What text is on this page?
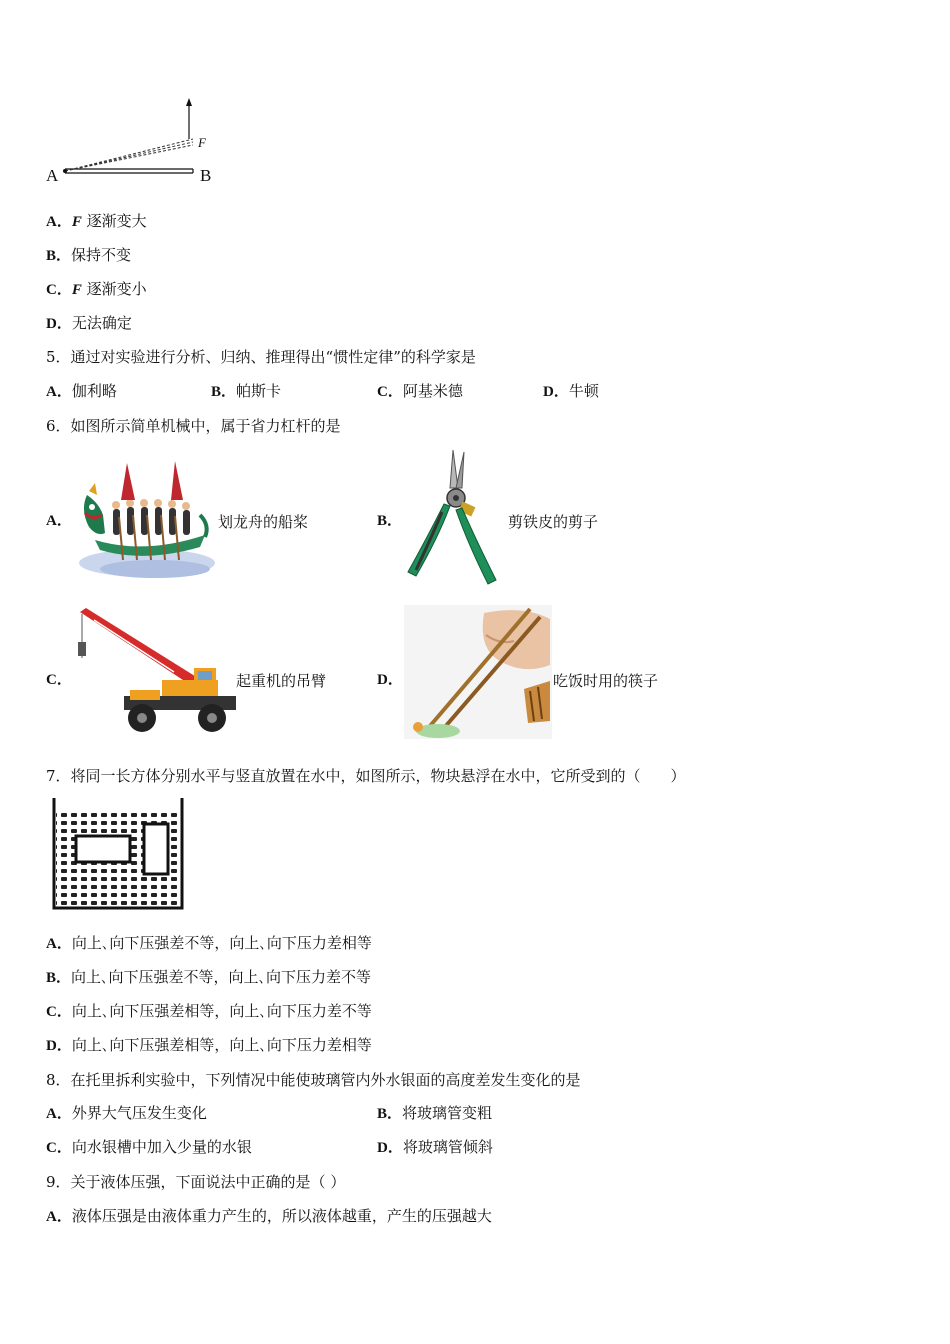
A	B
F
A．F 逐渐变大
B．保持不变
C．F 逐渐变小
D．无法确定
5．通过对实验进行分析、归纳、推理得出“惯性定律”的科学家是
A．伽利略	B．帕斯卡	C．阿基米德	D．牛顿
6．如图所示简单机械中，属于省力杠杆的是
A．	划龙舟的船桨	B．	剪铁皮的剪子
C．	起重机的吊臂	D．	吃饭时用的筷子
7．将同一长方体分别水平与竖直放置在水中，如图所示，物块悬浮在水中，它所受到的（　　）
A．向上､向下压强差不等，向上､向下压力差相等
B．向上､向下压强差不等，向上､向下压力差不等
C．向上､向下压强差相等，向上､向下压力差不等
D．向上､向下压强差相等，向上､向下压力差相等
8．在托里拆利实验中，下列情况中能使玻璃管内外水银面的高度差发生变化的是
A．外界大气压发生变化	B．将玻璃管变粗
C．向水银槽中加入少量的水银	D．将玻璃管倾斜
9．关于液体压强，下面说法中正确的是（ ）
A．液体压强是由液体重力产生的，所以液体越重，产生的压强越大
